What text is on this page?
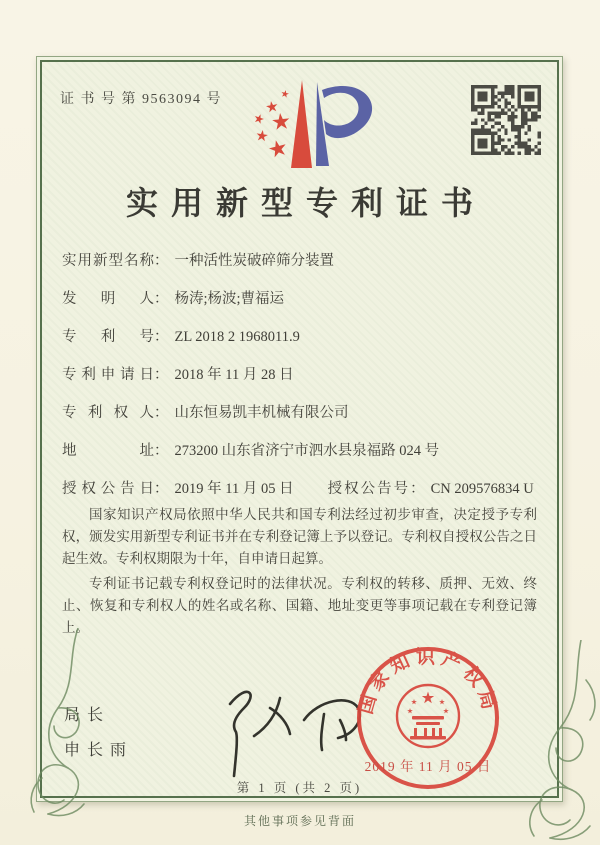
证 书 号 第 9563094 号
实用新型专利证书
实用新型名称： 一种活性炭破碎筛分装置
发明人： 杨涛;杨波;曹福运
专利号： ZL 2018 2 1968011.9
专利申请日： 2018 年 11 月 28 日
专利权人： 山东恒易凯丰机械有限公司
地址： 273200 山东省济宁市泗水县泉福路 024 号
授权公告日： 2019 年 11 月 05 日 授权公告号： CN 209576834 U

国家知识产权局依照中华人民共和国专利法经过初步审查，决定授予专利权，颁发实用新型专利证书并在专利登记簿上予以登记。专利权自授权公告之日起生效。专利权期限为十年，自申请日起算。

专利证书记载专利权登记时的法律状况。专利权的转移、质押、无效、终止、恢复和专利权人的姓名或名称、国籍、地址变更等事项记载在专利登记簿上。

局长
申长雨
国家知识产权局
2019 年 11 月 05 日
第 1 页 (共 2 页)
其他事项参见背面
